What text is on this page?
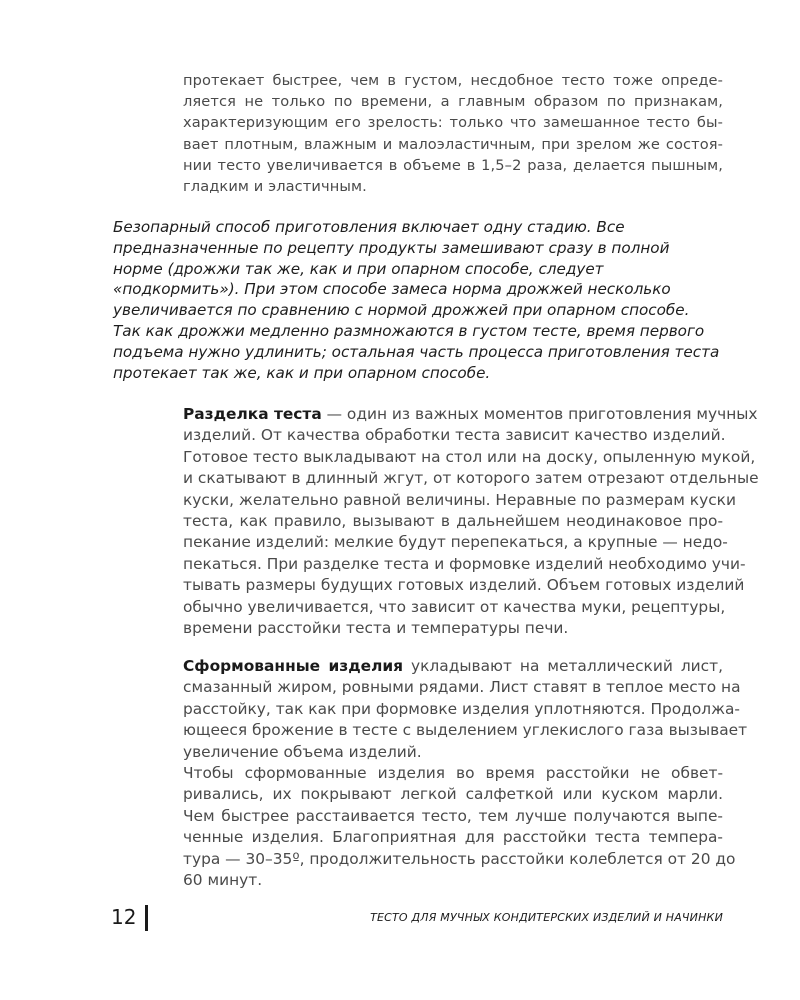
протекает быстрее, чем в густом, несдобное тесто тоже опреде-
ляется не только по времени, а главным образом по признакам,
характеризующим его зрелость: только что замешанное тесто бы-
вает плотным, влажным и малоэластичным, при зрелом же состоя-
нии тесто увеличивается в объеме в 1,5–2 раза, делается пышным,
гладким и эластичным.

Безопарный способ приготовления включает одну стадию. Все
предназначенные по рецепту продукты замешивают сразу в полной
норме (дрожжи так же, как и при опарном способе, следует
«подкормить»). При этом способе замеса норма дрожжей несколько
увеличивается по сравнению с нормой дрожжей при опарном способе.
Так как дрожжи медленно размножаются в густом тесте, время первого
подъема нужно удлинить; остальная часть процесса приготовления теста
протекает так же, как и при опарном способе.

Разделка теста — один из важных моментов приготовления мучных
изделий. От качества обработки теста зависит качество изделий.
Готовое тесто выкладывают на стол или на доску, опыленную мукой,
и скатывают в длинный жгут, от которого затем отрезают отдельные
куски, желательно равной величины. Неравные по размерам куски
теста, как правило, вызывают в дальнейшем неодинаковое про-
пекание изделий: мелкие будут перепекаться, а крупные — недо-
пекаться. При разделке теста и формовке изделий необходимо учи-
тывать размеры будущих готовых изделий. Объем готовых изделий
обычно увеличивается, что зависит от качества муки, рецептуры,
времени расстойки теста и температуры печи.

Сформованные изделия укладывают на металлический лист,
смазанный жиром, ровными рядами. Лист ставят в теплое место на
расстойку, так как при формовке изделия уплотняются. Продолжа-
ющееся брожение в тесте с выделением углекислого газа вызывает
увеличение объема изделий.
Чтобы сформованные изделия во время расстойки не обвет-
ривались, их покрывают легкой салфеткой или куском марли.
Чем быстрее расстаивается тесто, тем лучше получаются выпе-
ченные изделия. Благоприятная для расстойки теста темпера-
тура — 30–35º, продолжительность расстойки колеблется от 20 до
60 минут.

12	ТЕСТО ДЛЯ МУЧНЫХ КОНДИТЕРСКИХ ИЗДЕЛИЙ И НАЧИНКИ
